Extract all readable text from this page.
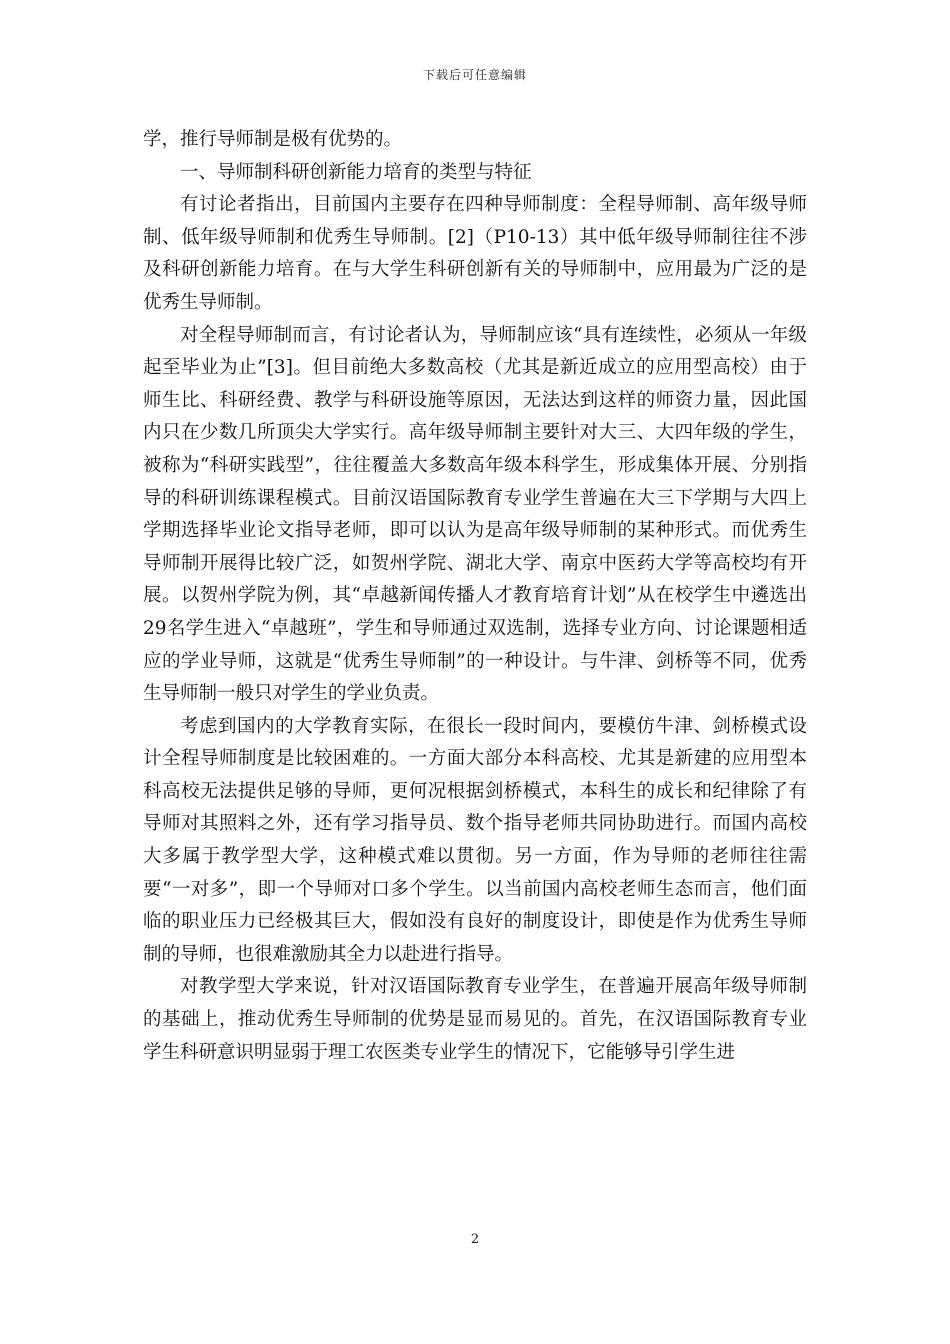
下载后可任意编辑

学，推行导师制是极有优势的。

一、导师制科研创新能力培育的类型与特征

有讨论者指出，目前国内主要存在四种导师制度：全程导师制、高年级导师制、低年级导师制和优秀生导师制。[2]（P10-13）其中低年级导师制往往不涉及科研创新能力培育。在与大学生科研创新有关的导师制中，应用最为广泛的是优秀生导师制。

对全程导师制而言，有讨论者认为，导师制应该“具有连续性，必须从一年级起至毕业为止”[3]。但目前绝大多数高校（尤其是新近成立的应用型高校）由于师生比、科研经费、教学与科研设施等原因，无法达到这样的师资力量，因此国内只在少数几所顶尖大学实行。高年级导师制主要针对大三、大四年级的学生，被称为“科研实践型”，往往覆盖大多数高年级本科学生，形成集体开展、分别指导的科研训练课程模式。目前汉语国际教育专业学生普遍在大三下学期与大四上学期选择毕业论文指导老师，即可以认为是高年级导师制的某种形式。而优秀生导师制开展得比较广泛，如贺州学院、湖北大学、南京中医药大学等高校均有开展。以贺州学院为例，其“卓越新闻传播人才教育培育计划”从在校学生中遴选出29名学生进入“卓越班”，学生和导师通过双选制，选择专业方向、讨论课题相适应的学业导师，这就是“优秀生导师制”的一种设计。与牛津、剑桥等不同，优秀生导师制一般只对学生的学业负责。

考虑到国内的大学教育实际，在很长一段时间内，要模仿牛津、剑桥模式设计全程导师制度是比较困难的。一方面大部分本科高校、尤其是新建的应用型本科高校无法提供足够的导师，更何况根据剑桥模式，本科生的成长和纪律除了有导师对其照料之外，还有学习指导员、数个指导老师共同协助进行。而国内高校大多属于教学型大学，这种模式难以贯彻。另一方面，作为导师的老师往往需要“一对多”，即一个导师对口多个学生。以当前国内高校老师生态而言，他们面临的职业压力已经极其巨大，假如没有良好的制度设计，即使是作为优秀生导师制的导师，也很难激励其全力以赴进行指导。

对教学型大学来说，针对汉语国际教育专业学生，在普遍开展高年级导师制的基础上，推动优秀生导师制的优势是显而易见的。首先，在汉语国际教育专业学生科研意识明显弱于理工农医类专业学生的情况下，它能够导引学生进

2
